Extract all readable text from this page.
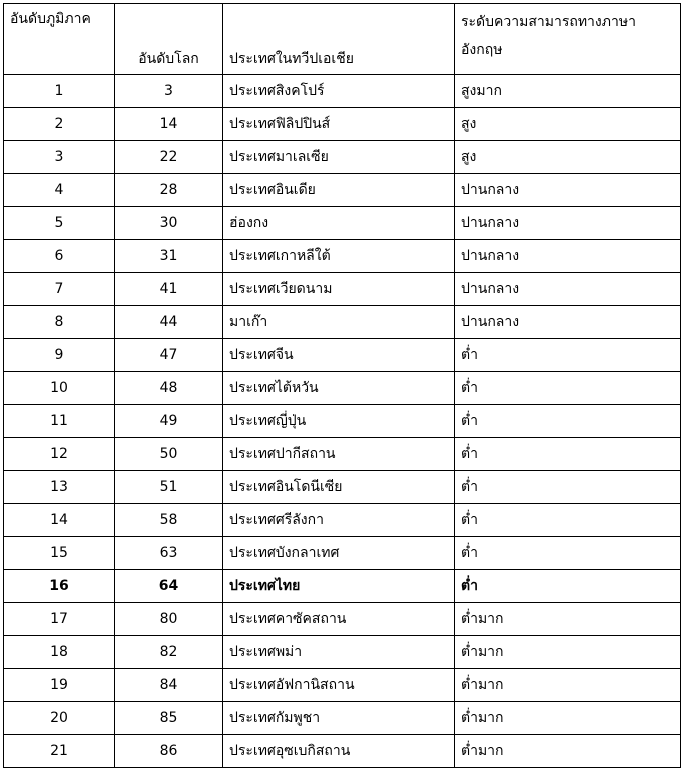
อันดับภูมิภาค	อันดับโลก	ประเทศในทวีปเอเชีย	ระดับความสามารถทางภาษา
อังกฤษ
1	3	ประเทศสิงคโปร์	สูงมาก
2	14	ประเทศฟิลิปปินส์	สูง
3	22	ประเทศมาเลเซีย	สูง
4	28	ประเทศอินเดีย	ปานกลาง
5	30	ฮ่องกง	ปานกลาง
6	31	ประเทศเกาหลีใต้	ปานกลาง
7	41	ประเทศเวียดนาม	ปานกลาง
8	44	มาเก๊า	ปานกลาง
9	47	ประเทศจีน	ต่ำ
10	48	ประเทศไต้หวัน	ต่ำ
11	49	ประเทศญี่ปุ่น	ต่ำ
12	50	ประเทศปากีสถาน	ต่ำ
13	51	ประเทศอินโดนีเซีย	ต่ำ
14	58	ประเทศศรีลังกา	ต่ำ
15	63	ประเทศบังกลาเทศ	ต่ำ
16	64	ประเทศไทย	ต่ำ
17	80	ประเทศคาซัคสถาน	ต่ำมาก
18	82	ประเทศพม่า	ต่ำมาก
19	84	ประเทศอัฟกานิสถาน	ต่ำมาก
20	85	ประเทศกัมพูชา	ต่ำมาก
21	86	ประเทศอุซเบกิสถาน	ต่ำมาก
